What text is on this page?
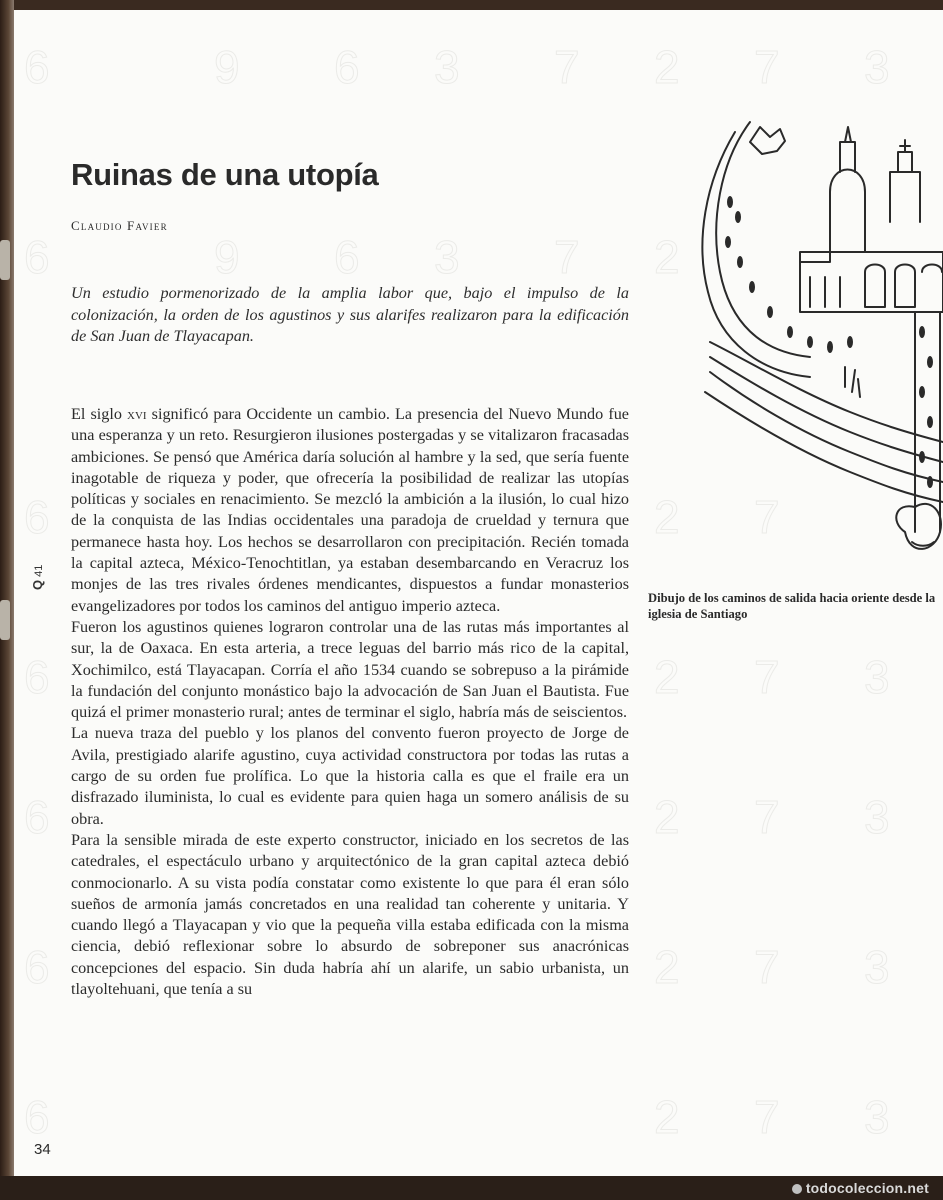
6	9 6 3 7 2 7 3
6	9 6 3 7 2
6	2 7
6	2 7 3
6	2 7 3
6	2 7 3
6	2 7 3
Ruinas de una utopía
Claudio Favier

Un estudio pormenorizado de la amplia labor que, bajo el impulso de la colonización, la orden de los agustinos y sus alarifes realizaron para la edificación de San Juan de Tlayacapan.

El siglo xvi significó para Occidente un cambio. La presencia del Nuevo Mundo fue una esperanza y un reto. Resurgieron ilusiones postergadas y se vitalizaron fracasadas ambiciones. Se pensó que América daría solución al hambre y la sed, que sería fuente inagotable de riqueza y poder, que ofrecería la posibilidad de realizar las utopías políticas y sociales en renacimiento. Se mezcló la ambición a la ilusión, lo cual hizo de la conquista de las Indias occidentales una paradoja de crueldad y ternura que permanece hasta hoy. Los hechos se desarrollaron con precipitación. Recién tomada la capital azteca, México-Tenochtitlan, ya estaban desembarcando en Veracruz los monjes de las tres rivales órdenes mendicantes, dispuestos a fundar monasterios evangelizadores por todos los caminos del antiguo imperio azteca.

Fueron los agustinos quienes lograron controlar una de las rutas más importantes al sur, la de Oaxaca. En esta arteria, a trece leguas del barrio más rico de la capital, Xochimilco, está Tlayacapan. Corría el año 1534 cuando se sobrepuso a la pirámide la fundación del conjunto monástico bajo la advocación de San Juan el Bautista. Fue quizá el primer monasterio rural; antes de terminar el siglo, habría más de seiscientos.

La nueva traza del pueblo y los planos del convento fueron proyecto de Jorge de Avila, prestigiado alarife agustino, cuya actividad constructora por todas las rutas a cargo de su orden fue prolífica. Lo que la historia calla es que el fraile era un disfrazado iluminista, lo cual es evidente para quien haga un somero análisis de su obra.

Para la sensible mirada de este experto constructor, iniciado en los secretos de las catedrales, el espectáculo urbano y arquitectónico de la gran capital azteca debió conmocionarlo. A su vista podía constatar como existente lo que para él eran sólo sueños de armonía jamás concretados en una realidad tan coherente y unitaria. Y cuando llegó a Tlayacapan y vio que la pequeña villa estaba edificada con la misma ciencia, debió reflexionar sobre lo absurdo de sobreponer sus anacrónicas concepciones del espacio. Sin duda habría ahí un alarife, un sabio urbanista, un tlayoltehuani, que tenía a su

Q 41
34

Dibujo de los caminos de salida hacia oriente desde la iglesia de Santiago

todocoleccion.net
